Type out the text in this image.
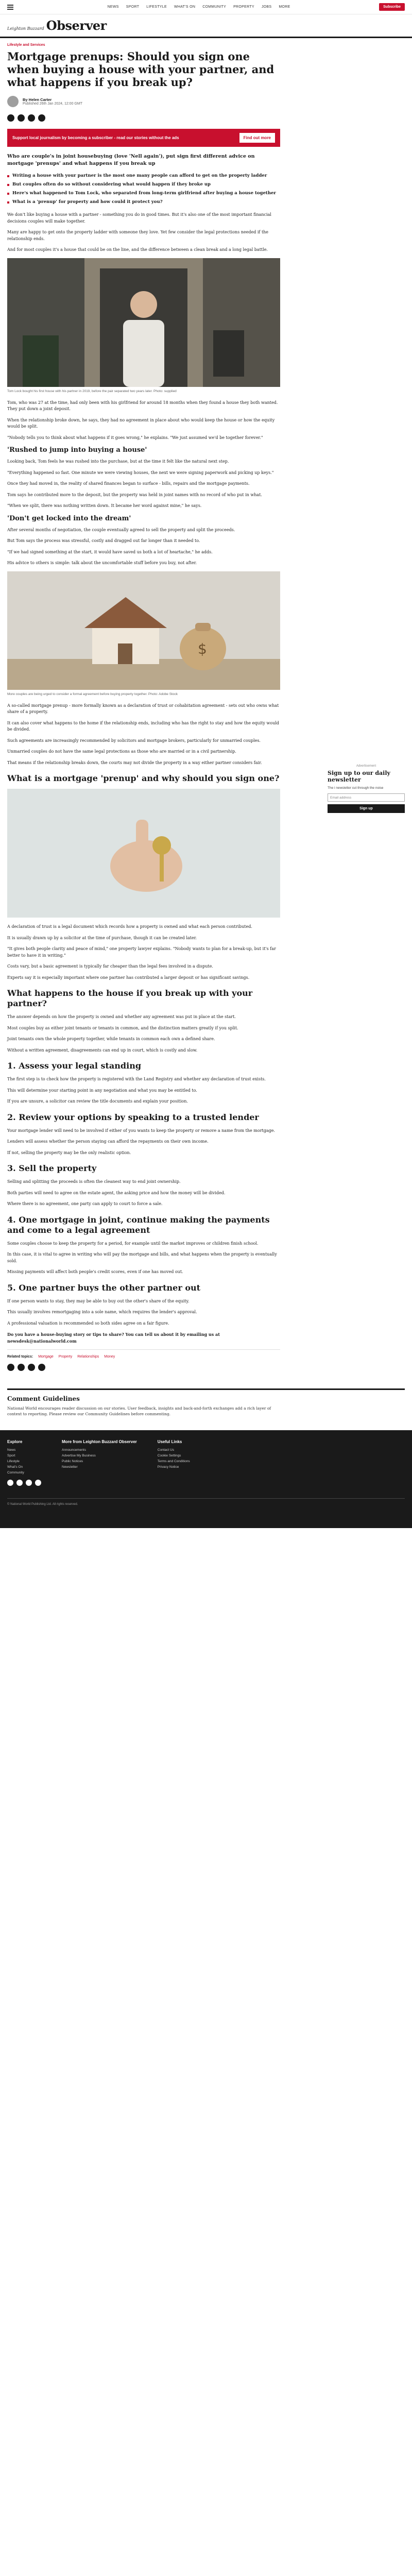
NEWS SPORT LIFESTYLE WHAT'S ON COMMUNITY PROPERTY JOBS MORE	Subscribe
Leighton Buzzard Observer
Lifestyle and Services
Mortgage prenups: Should you sign one when buying a house with your partner, and what happens if you break up?
By Helen Carter
Published 26th Jan 2024, 12:00 GMT
Support local journalism by becoming a subscriber - read our stories without the ads	Find out more

Who are couple's in joint housebuying (love 'Nell again'), put sign first different advice on mortgage 'prenups' and what happens if you break up

Writing a house with your partner is the most one many people can afford to get on the property ladder
But couples often do so without considering what would happen if they broke up
Here's what happened to Tom Lock, who separated from long-term girlfriend after buying a house together
What is a 'prenup' for property and how could it protect you?

We don't like buying a house with a partner - something you do in good times. But it's also one of the most important financial decisions couples will make together.

Many are happy to get onto the property ladder with someone they love. Yet few consider the legal protections needed if the relationship ends.

And for most couples it's a house that could be on the line, and the difference between a clean break and a long legal battle.

Tom Lock bought his first house with his partner in 2019, before the pair separated two years later. Photo: supplied

Tom, who was 27 at the time, had only been with his girlfriend for around 18 months when they found a house they both wanted. They put down a joint deposit.

When the relationship broke down, he says, they had no agreement in place about who would keep the house or how the equity would be split.

"Nobody tells you to think about what happens if it goes wrong," he explains. "We just assumed we'd be together forever."

'Rushed to jump into buying a house'

Looking back, Tom feels he was rushed into the purchase, but at the time it felt like the natural next step.

"Everything happened so fast. One minute we were viewing houses, the next we were signing paperwork and picking up keys."

Once they had moved in, the reality of shared finances began to surface - bills, repairs and the mortgage payments.

Tom says he contributed more to the deposit, but the property was held in joint names with no record of who put in what.

"When we split, there was nothing written down. It became her word against mine," he says.

'Don't get locked into the dream'

After several months of negotiation, the couple eventually agreed to sell the property and split the proceeds.

But Tom says the process was stressful, costly and dragged out far longer than it needed to.

"If we had signed something at the start, it would have saved us both a lot of heartache," he adds.

His advice to others is simple: talk about the uncomfortable stuff before you buy, not after.

$
More couples are being urged to consider a formal agreement before buying property together. Photo: Adobe Stock

A so-called mortgage prenup - more formally known as a declaration of trust or cohabitation agreement - sets out who owns what share of a property.

It can also cover what happens to the home if the relationship ends, including who has the right to stay and how the equity would be divided.

Such agreements are increasingly recommended by solicitors and mortgage brokers, particularly for unmarried couples.

Unmarried couples do not have the same legal protections as those who are married or in a civil partnership.

That means if the relationship breaks down, the courts may not divide the property in a way either partner considers fair.

What is a mortgage 'prenup' and why should you sign one?

A declaration of trust is a legal document which records how a property is owned and what each person contributed.

It is usually drawn up by a solicitor at the time of purchase, though it can be created later.

"It gives both people clarity and peace of mind," one property lawyer explains. "Nobody wants to plan for a break-up, but it's far better to have it in writing."

Costs vary, but a basic agreement is typically far cheaper than the legal fees involved in a dispute.

Experts say it is especially important where one partner has contributed a larger deposit or has significant savings.

What happens to the house if you break up with your partner?

The answer depends on how the property is owned and whether any agreement was put in place at the start.

Most couples buy as either joint tenants or tenants in common, and the distinction matters greatly if you split.

Joint tenants own the whole property together, while tenants in common each own a defined share.

Without a written agreement, disagreements can end up in court, which is costly and slow.

1. Assess your legal standing

The first step is to check how the property is registered with the Land Registry and whether any declaration of trust exists.

This will determine your starting point in any negotiation and what you may be entitled to.

If you are unsure, a solicitor can review the title documents and explain your position.

2. Review your options by speaking to a trusted lender

Your mortgage lender will need to be involved if either of you wants to keep the property or remove a name from the mortgage.

Lenders will assess whether the person staying can afford the repayments on their own income.

If not, selling the property may be the only realistic option.

3. Sell the property

Selling and splitting the proceeds is often the cleanest way to end joint ownership.

Both parties will need to agree on the estate agent, the asking price and how the money will be divided.

Where there is no agreement, one party can apply to court to force a sale.

4. One mortgage in joint, continue making the payments and come to a legal agreement

Some couples choose to keep the property for a period, for example until the market improves or children finish school.

In this case, it is vital to agree in writing who will pay the mortgage and bills, and what happens when the property is eventually sold.

Missing payments will affect both people's credit scores, even if one has moved out.

5. One partner buys the other partner out

If one person wants to stay, they may be able to buy out the other's share of the equity.

This usually involves remortgaging into a sole name, which requires the lender's approval.

A professional valuation is recommended so both sides agree on a fair figure.

Do you have a house-buying story or tips to share? You can tell us about it by emailing us at newsdesk@nationalworld.com

Related topics: Mortgage Property Relationships Money
Advertisement
Sign up to our daily newsletter

The i newsletter cut through the noise

Email address
Sign up
Comment Guidelines

National World encourages reader discussion on our stories. User feedback, insights and back-and-forth exchanges add a rich layer of context to reporting. Please review our Community Guidelines before commenting.

Explore
News
Sport
Lifestyle
What's On
Community
More from Leighton Buzzard Observer
Announcements
Advertise My Business
Public Notices
Newsletter
Useful Links
Contact Us
Cookie Settings
Terms and Conditions
Privacy Notice
© National World Publishing Ltd. All rights reserved.
